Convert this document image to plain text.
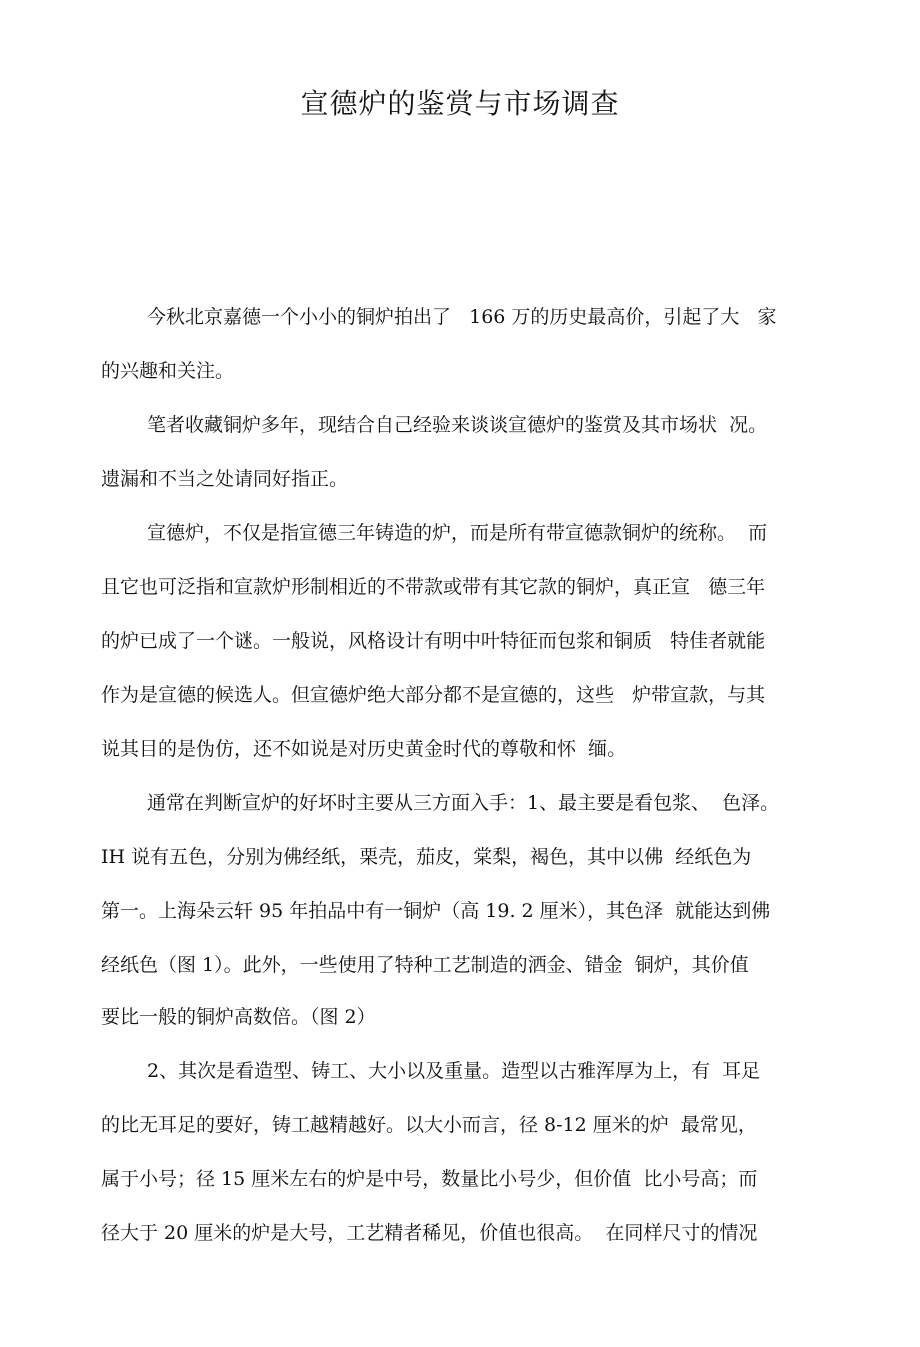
宣德炉的鉴赏与市场调查

今秋北京嘉德一个小小的铜炉拍出了   166 万的历史最高价，引起了大   家

的兴趣和关注。

笔者收藏铜炉多年，现结合自己经验来谈谈宣德炉的鉴赏及其市场状  况。

遗漏和不当之处请同好指正。

宣德炉，不仅是指宣德三年铸造的炉，而是所有带宣德款铜炉的统称。  而

且它也可泛指和宣款炉形制相近的不带款或带有其它款的铜炉，真正宣   德三年

的炉已成了一个谜。一般说，风格设计有明中叶特征而包浆和铜质   特佳者就能

作为是宣德的候选人。但宣德炉绝大部分都不是宣德的，这些   炉带宣款，与其

说其目的是伪仿，还不如说是对历史黄金时代的尊敬和怀  缅。

通常在判断宣炉的好坏时主要从三方面入手：1、最主要是看包浆、  色泽。

IH 说有五色，分别为佛经纸，栗壳，茄皮，棠梨，褐色，其中以佛  经纸色为

第一。上海朵云轩 95 年拍品中有一铜炉（高 19. 2 厘米），其色泽  就能达到佛

经纸色（图 1）。此外，一些使用了特种工艺制造的洒金、错金  铜炉，其价值

要比一般的铜炉高数倍。（图 2）

2、其次是看造型、铸工、大小以及重量。造型以古雅浑厚为上，有  耳足

的比无耳足的要好，铸工越精越好。以大小而言，径 8-12 厘米的炉  最常见，

属于小号；径 15 厘米左右的炉是中号，数量比小号少，但价值  比小号高；而

径大于 20 厘米的炉是大号，工艺精者稀见，价值也很高。  在同样尺寸的情况
